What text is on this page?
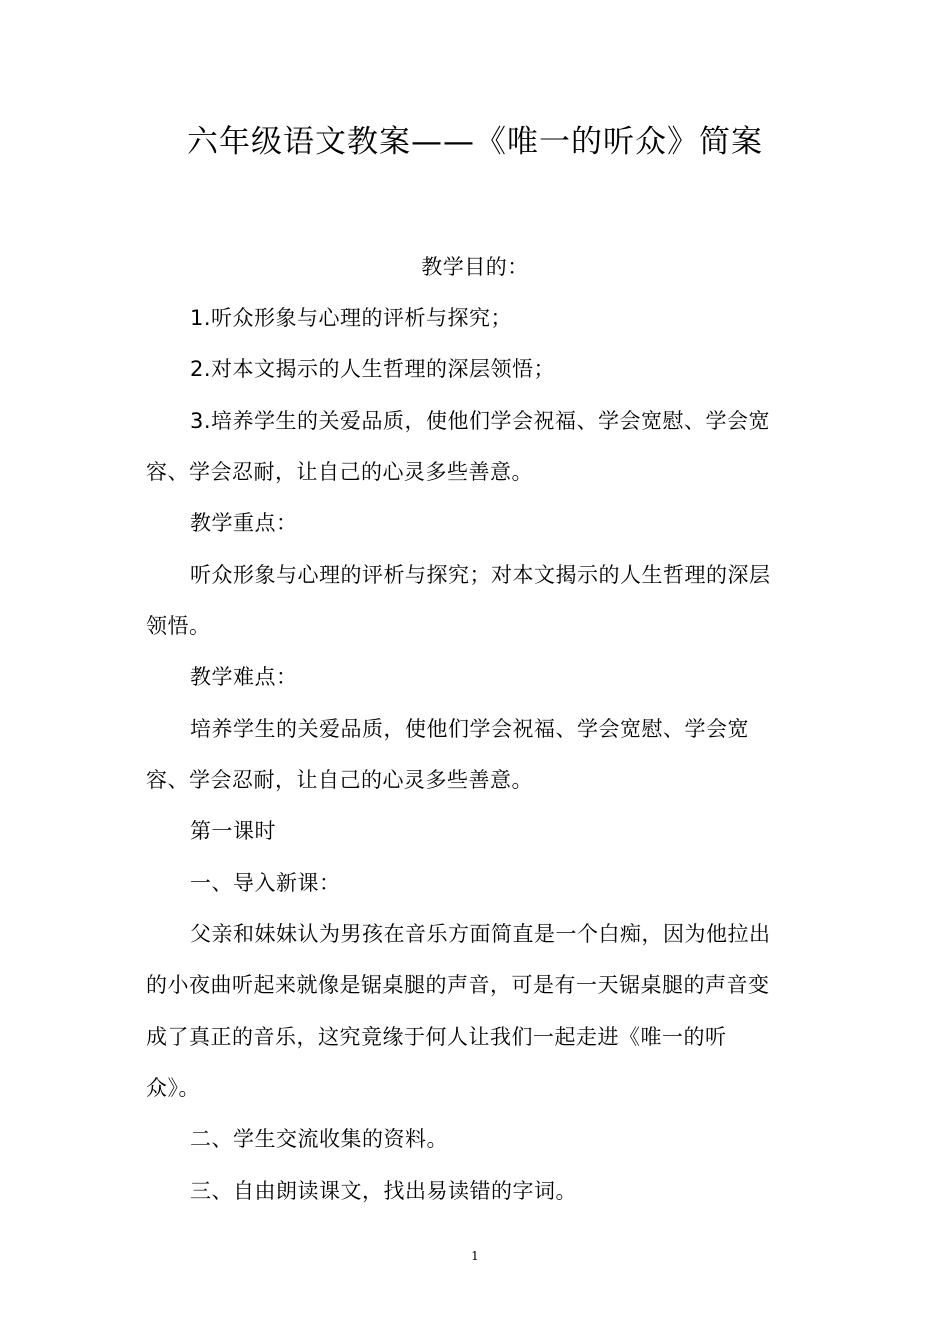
六年级语文教案——《唯一的听众》简案
教学目的：
1.听众形象与心理的评析与探究；
2.对本文揭示的人生哲理的深层领悟；
3.培养学生的关爱品质，使他们学会祝福、学会宽慰、学会宽
容、学会忍耐，让自己的心灵多些善意。
教学重点：
听众形象与心理的评析与探究；对本文揭示的人生哲理的深层
领悟。
教学难点：
培养学生的关爱品质，使他们学会祝福、学会宽慰、学会宽
容、学会忍耐，让自己的心灵多些善意。
第一课时
一、导入新课：
父亲和妹妹认为男孩在音乐方面简直是一个白痴，因为他拉出
的小夜曲听起来就像是锯桌腿的声音，可是有一天锯桌腿的声音变
成了真正的音乐，这究竟缘于何人让我们一起走进《唯一的听
众》。
二、学生交流收集的资料。
三、自由朗读课文，找出易读错的字词。
1
